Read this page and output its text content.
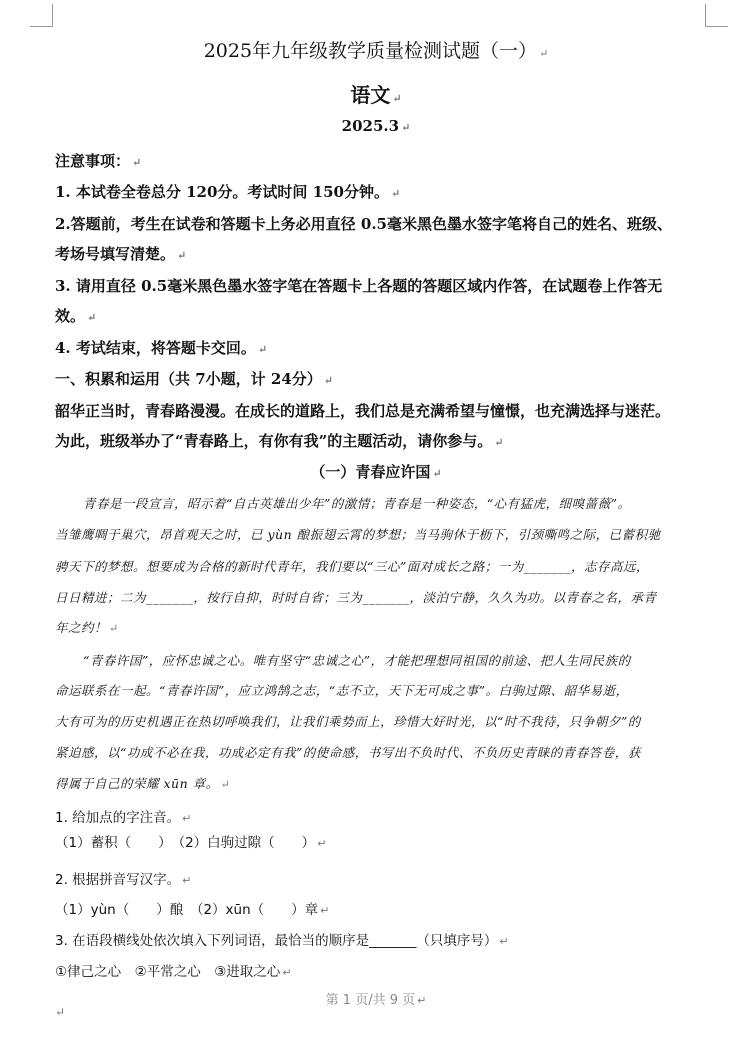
2025年九年级教学质量检测试题（一） ↵
语文 ↵
2025.3 ↵
注意事项： ↵
1. 本试卷全卷总分 120分。考试时间 150分钟。 ↵
2.答题前，考生在试卷和答题卡上务必用直径 0.5毫米黑色墨水签字笔将自己的姓名、班级、
考场号填写清楚。 ↵
3. 请用直径 0.5毫米黑色墨水签字笔在答题卡上各题的答题区域内作答，在试题卷上作答无
效。 ↵
4. 考试结束，将答题卡交回。 ↵
一、积累和运用（共 7小题，计 24分） ↵
韶华正当时，青春路漫漫。在成长的道路上，我们总是充满希望与憧憬，也充满选择与迷茫。
为此，班级举办了“青春路上，有你有我”的主题活动，请你参与。 ↵
（一）青春应许国 ↵
青春是一段宣言，昭示着“自古英雄出少年”的激情；青春是一种姿态，“心有猛虎，细嗅蔷薇”。
当雏鹰啁于巢穴，昂首观天之时，已 yùn 酿振翅云霄的梦想；当马驹休于枥下，引颈嘶鸣之际，已蓄积驰
骋天下的梦想。想要成为合格的新时代青年，我们要以“三心”面对成长之路；一为_______，志存高远，
日日精进；二为_______，按行自抑，时时自省；三为_______，淡泊宁静，久久为功。以青春之名，承青
年之约！ ↵
“青春许国”，应怀忠诚之心。唯有坚守“忠诚之心”，才能把理想同祖国的前途、把人生同民族的
命运联系在一起。“青春许国”，应立鸿鹄之志，“志不立，天下无可成之事”。白驹过隙、韶华易逝，
大有可为的历史机遇正在热切呼唤我们，让我们乘势而上，珍惜大好时光，以“时不我待，只争朝夕”的
紧迫感，以“功成不必在我，功成必定有我”的使命感，书写出不负时代、不负历史青睐的青春答卷，获
得属于自己的荣耀 xūn 章。 ↵
1. 给加点的字注音。 ↵
（1）蓄积（　　）　（2）白驹过隙（　　） ↵
2. 根据拼音写汉字。 ↵
（1）yùn（　　）酿　（2）xūn（　　）章 ↵
3. 在语段横线处依次填入下列词语，最恰当的顺序是_______（只填序号） ↵
①律己之心　②平常之心　③进取之心 ↵
第 1 页/共 9 页 ↵
↵
